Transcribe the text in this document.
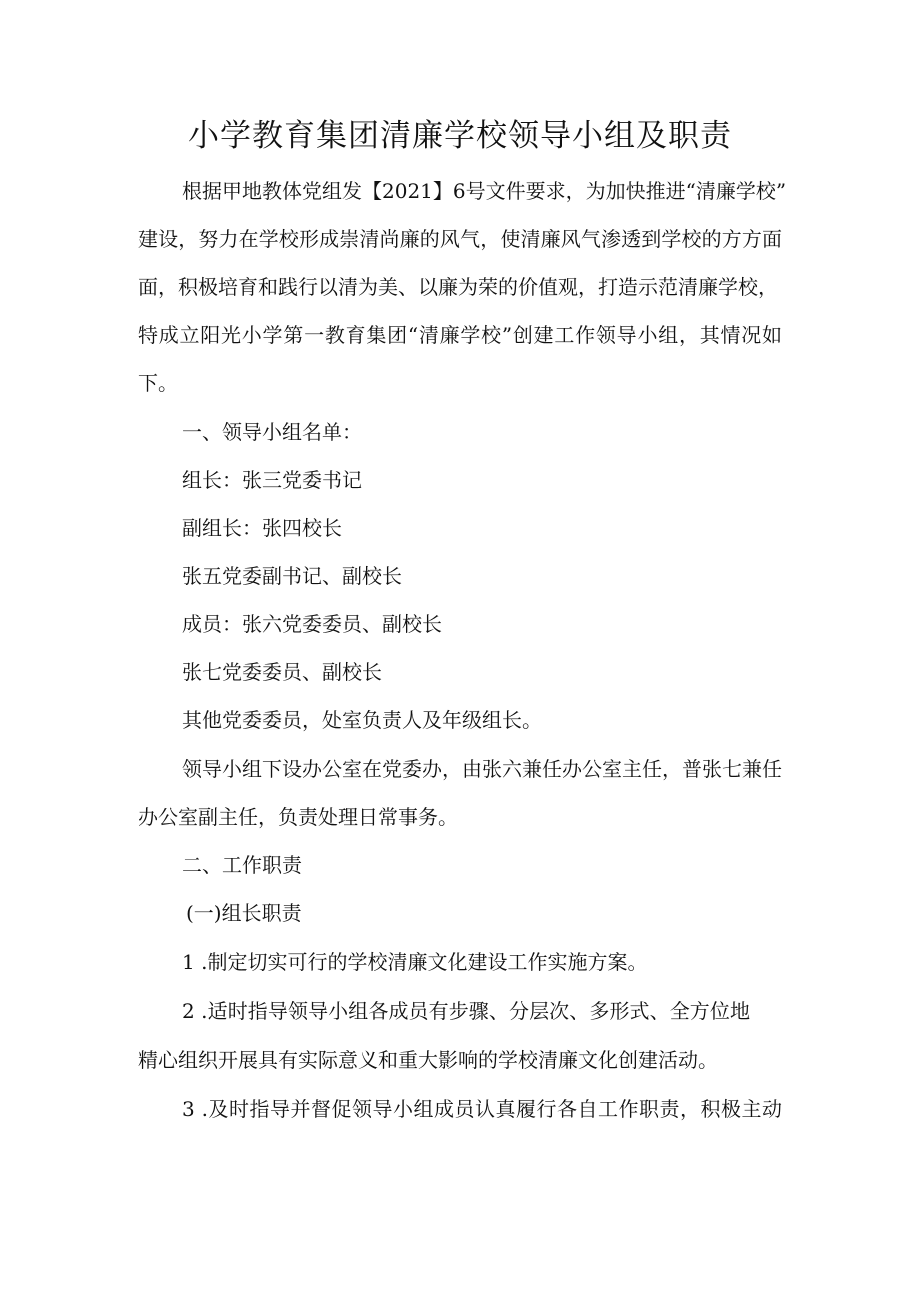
小学教育集团清廉学校领导小组及职责
根据甲地教体党组发【2021】6号文件要求，为加快推进“清廉学校”
建设，努力在学校形成崇清尚廉的风气，使清廉风气渗透到学校的方方面
面，积极培育和践行以清为美、以廉为荣的价值观，打造示范清廉学校，
特成立阳光小学第一教育集团“清廉学校”创建工作领导小组，其情况如
下。
一、领导小组名单：
组长：张三党委书记
副组长：张四校长
张五党委副书记、副校长
成员：张六党委委员、副校长
张七党委委员、副校长
其他党委委员，处室负责人及年级组长。
领导小组下设办公室在党委办，由张六兼任办公室主任，普张七兼任
办公室副主任，负责处理日常事务。
二、工作职责
(一)组长职责
1 .制定切实可行的学校清廉文化建设工作实施方案。
2 .适时指导领导小组各成员有步骤、分层次、多形式、全方位地
精心组织开展具有实际意义和重大影响的学校清廉文化创建活动。
3 .及时指导并督促领导小组成员认真履行各自工作职责，积极主动
